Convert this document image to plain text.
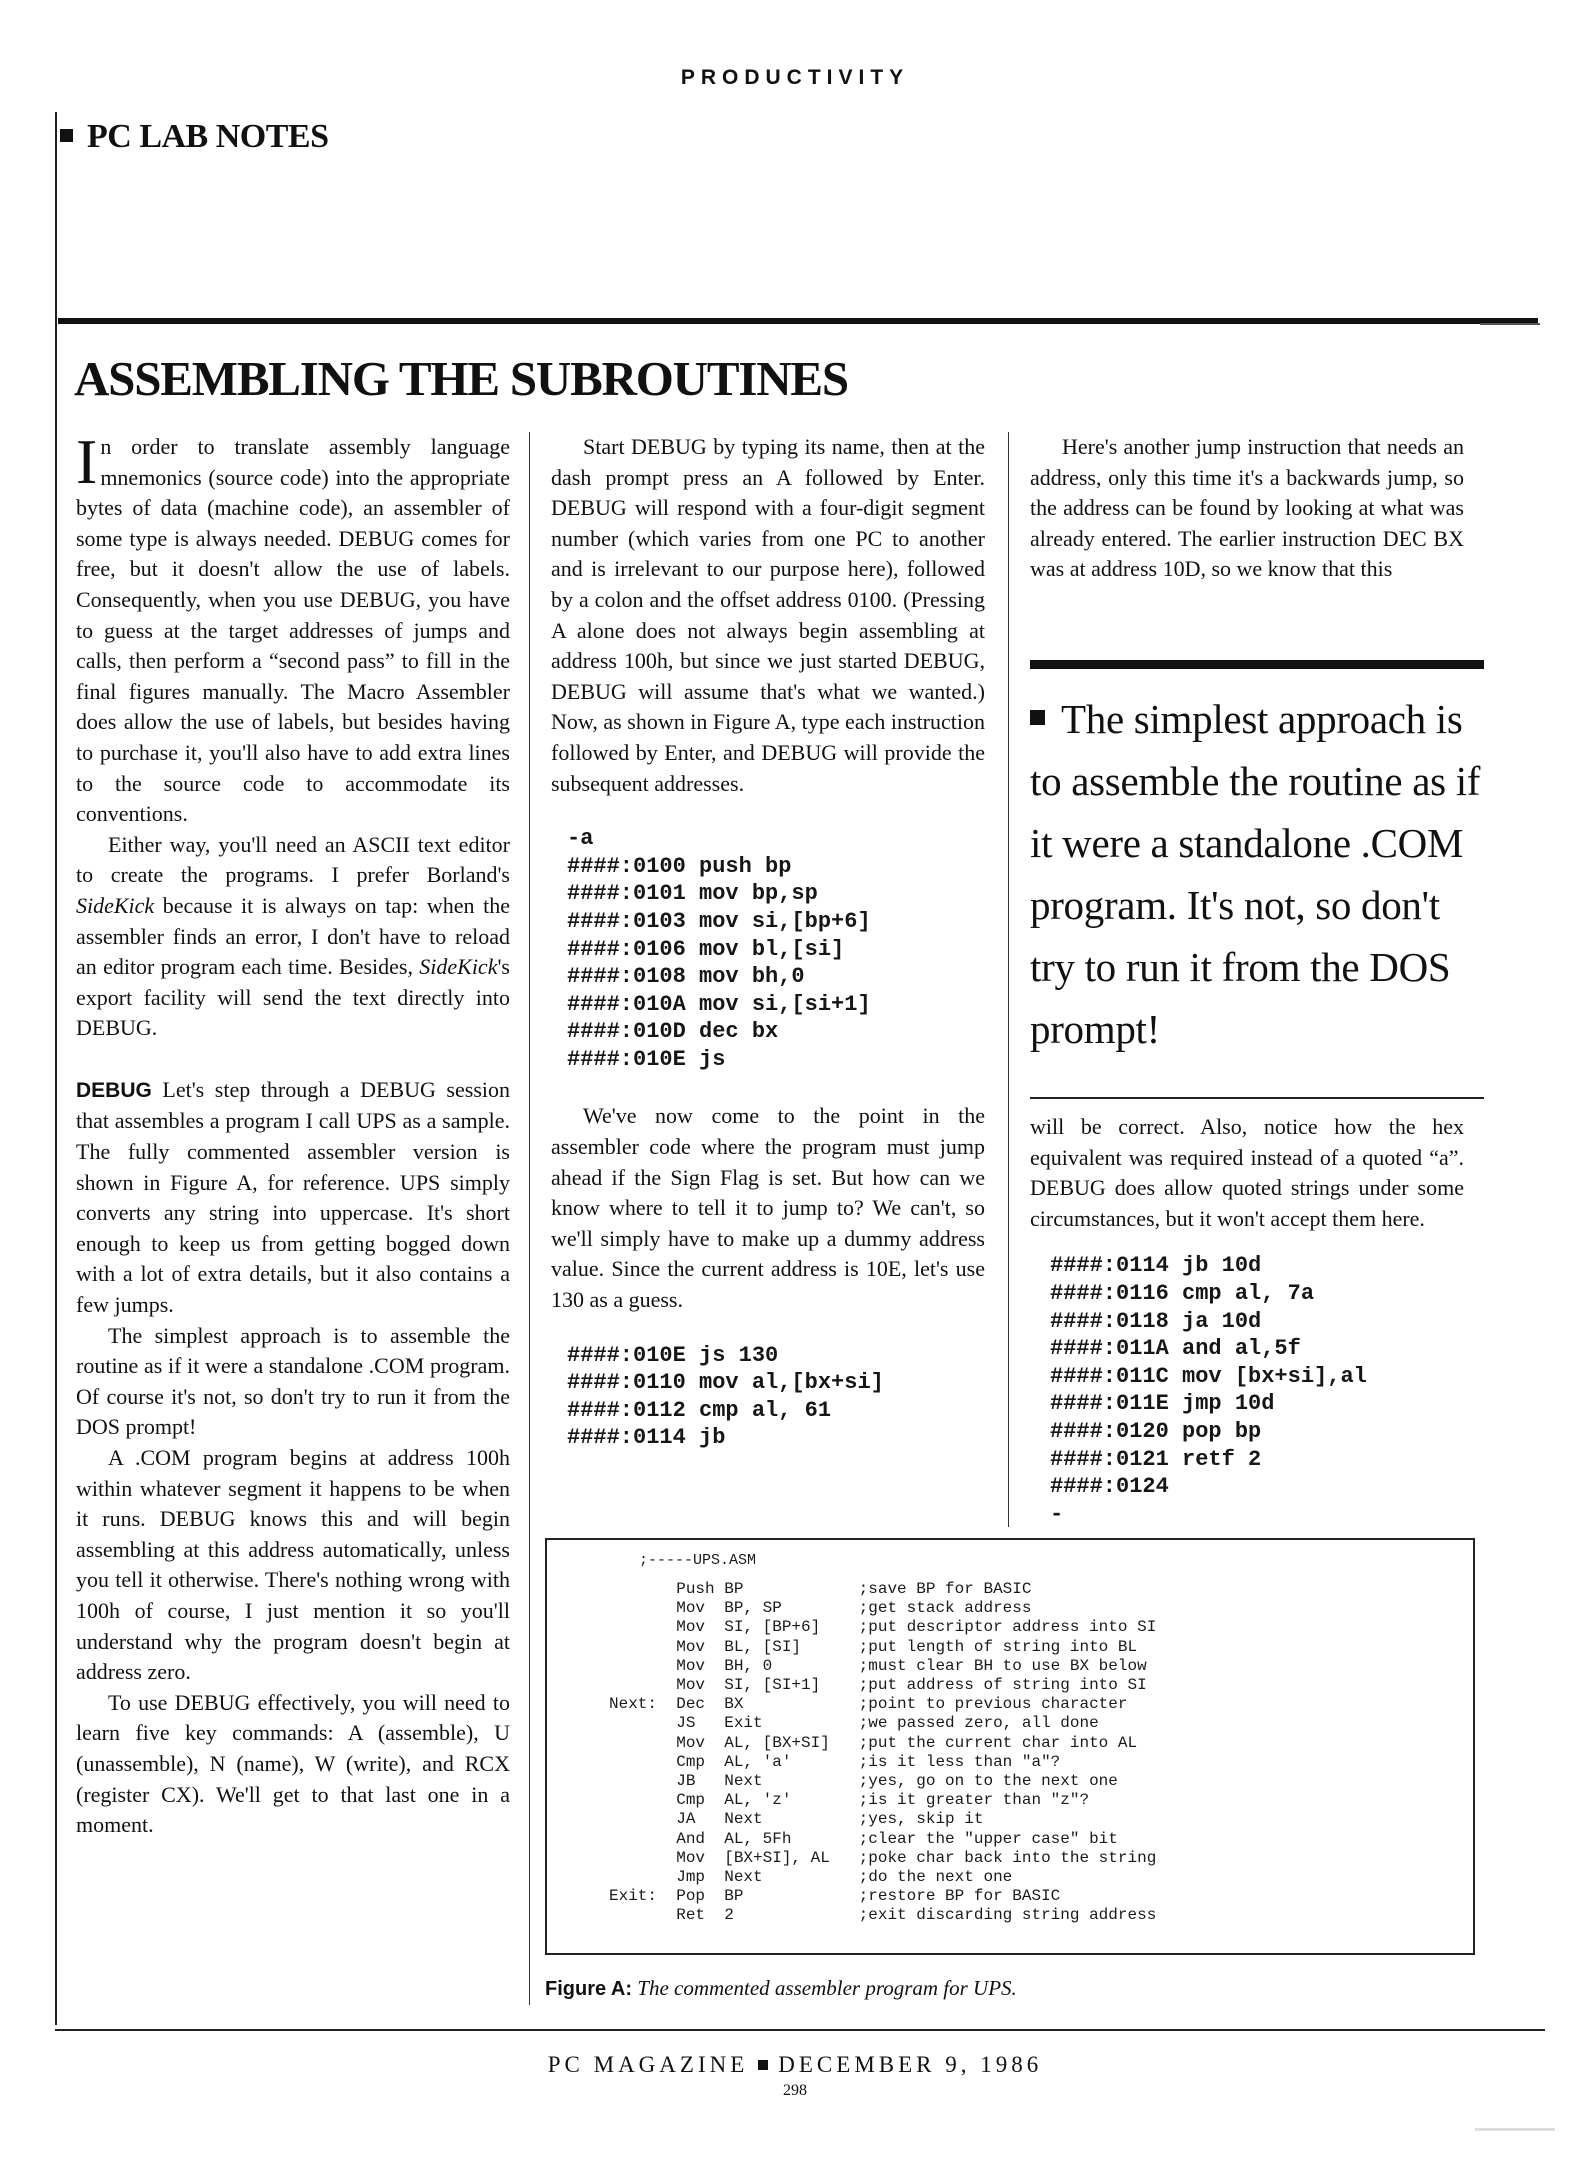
PRODUCTIVITY
PC LAB NOTES
ASSEMBLING THE SUBROUTINES

In order to translate assembly language mnemonics (source code) into the appropriate bytes of data (machine code), an assembler of some type is always needed. DEBUG comes for free, but it doesn't allow the use of labels. Consequently, when you use DEBUG, you have to guess at the target addresses of jumps and calls, then perform a “second pass” to fill in the final figures manually. The Macro Assembler does allow the use of labels, but besides having to purchase it, you'll also have to add extra lines to the source code to accommodate its conventions.

Either way, you'll need an ASCII text editor to create the programs. I prefer Borland's SideKick because it is always on tap: when the assembler finds an error, I don't have to reload an editor program each time. Besides, SideKick's export facility will send the text directly into DEBUG.

DEBUG Let's step through a DEBUG session that assembles a program I call UPS as a sample. The fully commented assembler version is shown in Figure A, for reference. UPS simply converts any string into uppercase. It's short enough to keep us from getting bogged down with a lot of extra details, but it also contains a few jumps.

The simplest approach is to assemble the routine as if it were a standalone .COM program. Of course it's not, so don't try to run it from the DOS prompt!

A .COM program begins at address 100h within whatever segment it happens to be when it runs. DEBUG knows this and will begin assembling at this address automatically, unless you tell it otherwise. There's nothing wrong with 100h of course, I just mention it so you'll understand why the program doesn't begin at address zero.

To use DEBUG effectively, you will need to learn five key commands: A (assemble), U (unassemble), N (name), W (write), and RCX (register CX). We'll get to that last one in a moment.

Start DEBUG by typing its name, then at the dash prompt press an A followed by Enter. DEBUG will respond with a four-digit segment number (which varies from one PC to another and is irrelevant to our purpose here), followed by a colon and the offset address 0100. (Pressing A alone does not always begin assembling at address 100h, but since we just started DEBUG, DEBUG will assume that's what we wanted.) Now, as shown in Figure A, type each instruction followed by Enter, and DEBUG will provide the subsequent addresses.

-a
####:0100 push bp
####:0101 mov bp,sp
####:0103 mov si,[bp+6]
####:0106 mov bl,[si]
####:0108 mov bh,0
####:010A mov si,[si+1]
####:010D dec bx
####:010E js

We've now come to the point in the assembler code where the program must jump ahead if the Sign Flag is set. But how can we know where to tell it to jump to? We can't, so we'll simply have to make up a dummy address value. Since the current address is 10E, let's use 130 as a guess.

####:010E js 130
####:0110 mov al,[bx+si]
####:0112 cmp al, 61
####:0114 jb

Here's another jump instruction that needs an address, only this time it's a backwards jump, so the address can be found by looking at what was already entered. The earlier instruction DEC BX was at address 10D, so we know that this

The simplest approach is to assemble the routine as if it were a standalone .COM program. It's not, so don't try to run it from the DOS prompt!

will be correct. Also, notice how the hex equivalent was required instead of a quoted “a”. DEBUG does allow quoted strings under some circumstances, but it won't accept them here.

####:0114 jb 10d
####:0116 cmp al, 7a
####:0118 ja 10d
####:011A and al,5f
####:011C mov [bx+si],al
####:011E jmp 10d
####:0120 pop bp
####:0121 retf 2
####:0124
-
;-----UPS.ASM
Push BP            ;save BP for BASIC
Mov  BP, SP        ;get stack address
Mov  SI, [BP+6]    ;put descriptor address into SI
Mov  BL, [SI]      ;put length of string into BL
Mov  BH, 0         ;must clear BH to use BX below
Mov  SI, [SI+1]    ;put address of string into SI
Next:  Dec  BX            ;point to previous character
JS   Exit          ;we passed zero, all done
Mov  AL, [BX+SI]   ;put the current char into AL
Cmp  AL, 'a'       ;is it less than "a"?
JB   Next          ;yes, go on to the next one
Cmp  AL, 'z'       ;is it greater than "z"?
JA   Next          ;yes, skip it
And  AL, 5Fh       ;clear the "upper case" bit
Mov  [BX+SI], AL   ;poke char back into the string
Jmp  Next          ;do the next one
Exit:  Pop  BP            ;restore BP for BASIC
Ret  2             ;exit discarding string address
Figure A: The commented assembler program for UPS.
PC MAGAZINE DECEMBER 9, 1986
298
